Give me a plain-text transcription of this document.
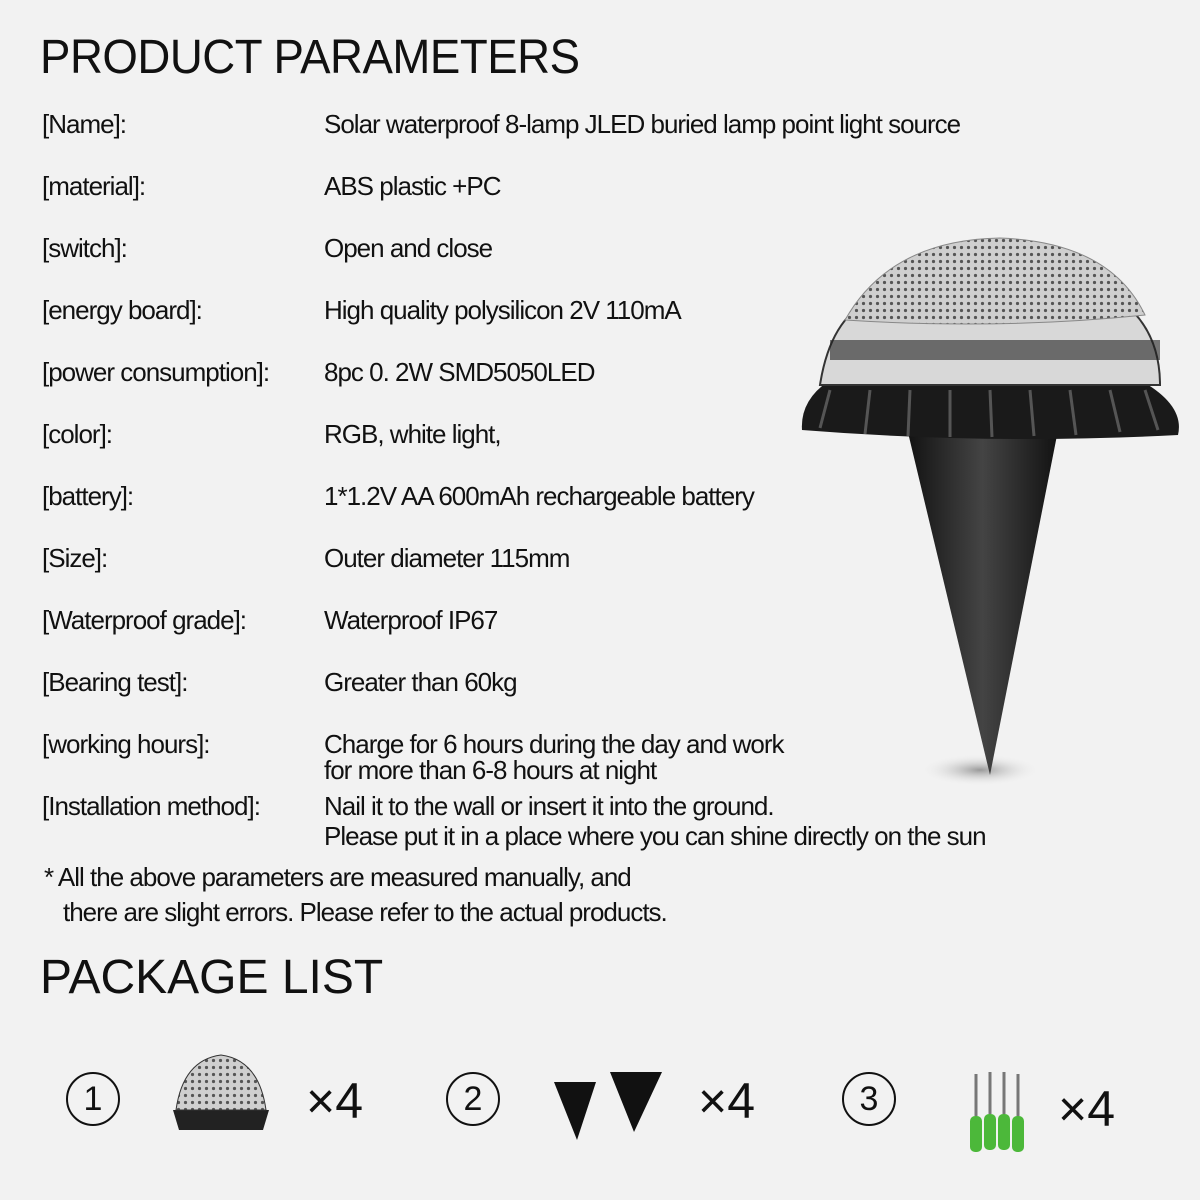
PRODUCT PARAMETERS
[Name]:	Solar waterproof 8-lamp JLED buried lamp point light source
[material]:	ABS plastic +PC
[switch]:	Open and close
[energy board]:	High quality polysilicon 2V 110mA
[power consumption]: 8pc 0. 2W SMD5050LED
[color]:	RGB, white light,
[battery]:	1*1.2V AA 600mAh rechargeable battery
[Size]:	Outer diameter 115mm
[Waterproof grade]:	Waterproof IP67
[Bearing test]:	Greater than 60kg
[working hours]:	Charge for 6 hours during the day and work
for more than 6-8 hours at night
[Installation method]: Nail it to the wall or insert it into the ground.
Please put it in a place where you can shine directly on the sun
* All the above parameters are measured manually, and
there are slight errors. Please refer to the actual products.
PACKAGE LIST
1	×4	2	×4	3	×4
